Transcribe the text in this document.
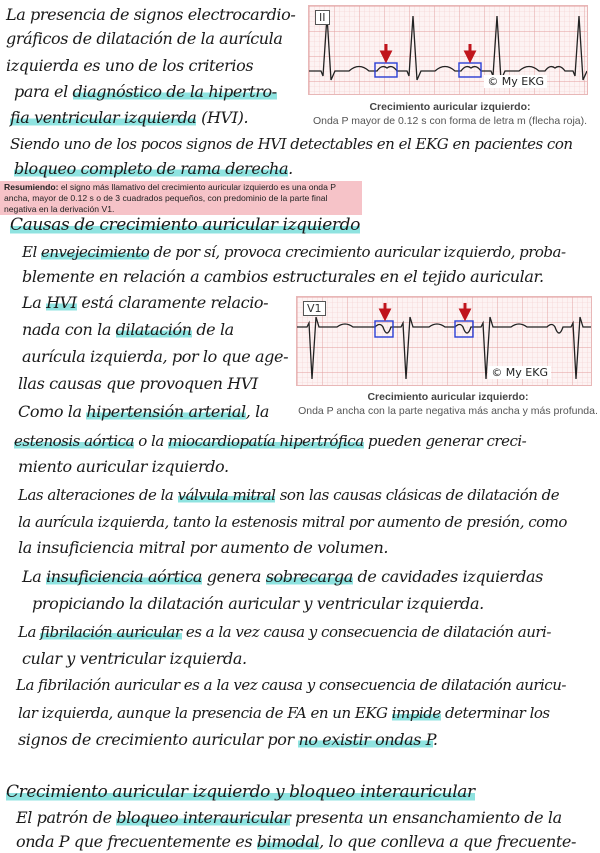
II
© My EKG
Crecimiento auricular izquierdo:
Onda P mayor de 0.12 s con forma de letra m (flecha roja).
V1
© My EKG
Crecimiento auricular izquierdo:
Onda P ancha con la parte negativa más ancha y más profunda.
La presencia de signos electrocardio-
gráficos de dilatación de la aurícula
izquierda es uno de los criterios
para el diagnóstico de la hipertro-
fia ventricular izquierda (HVI).
Siendo uno de los pocos signos de HVI detectables en el EKG en pacientes con
bloqueo completo de rama derecha.
Resumiendo: el signo más llamativo del crecimiento auricular izquierdo es una onda P ancha, mayor de 0.12 s o de 3 cuadrados pequeños, con predominio de la parte final negativa en la derivación V1.
Causas de crecimiento auricular izquierdo
El envejecimiento de por sí, provoca crecimiento auricular izquierdo, proba-
blemente en relación a cambios estructurales en el tejido auricular.
La HVI está claramente relacio-
nada con la dilatación de la
aurícula izquierda, por lo que age-
llas causas que provoquen HVI
Como la hipertensión arterial, la
estenosis aórtica o la miocardiopatía hipertrófica pueden generar creci-
miento auricular izquierdo.
Las alteraciones de la válvula mitral son las causas clásicas de dilatación de
la aurícula izquierda, tanto la estenosis mitral por aumento de presión, como
la insuficiencia mitral por aumento de volumen.
La insuficiencia aórtica genera sobrecarga de cavidades izquierdas
propiciando la dilatación auricular y ventricular izquierda.
La fibrilación auricular es a la vez causa y consecuencia de dilatación auri-
cular y ventricular izquierda.
La fibrilación auricular es a la vez causa y consecuencia de dilatación auricu-
lar izquierda, aunque la presencia de FA en un EKG impide determinar los
signos de crecimiento auricular por no existir ondas P.
Crecimiento auricular izquierdo y bloqueo interauricular
El patrón de bloqueo interauricular presenta un ensanchamiento de la
onda P que frecuentemente es bimodal, lo que conlleva a que frecuente-
